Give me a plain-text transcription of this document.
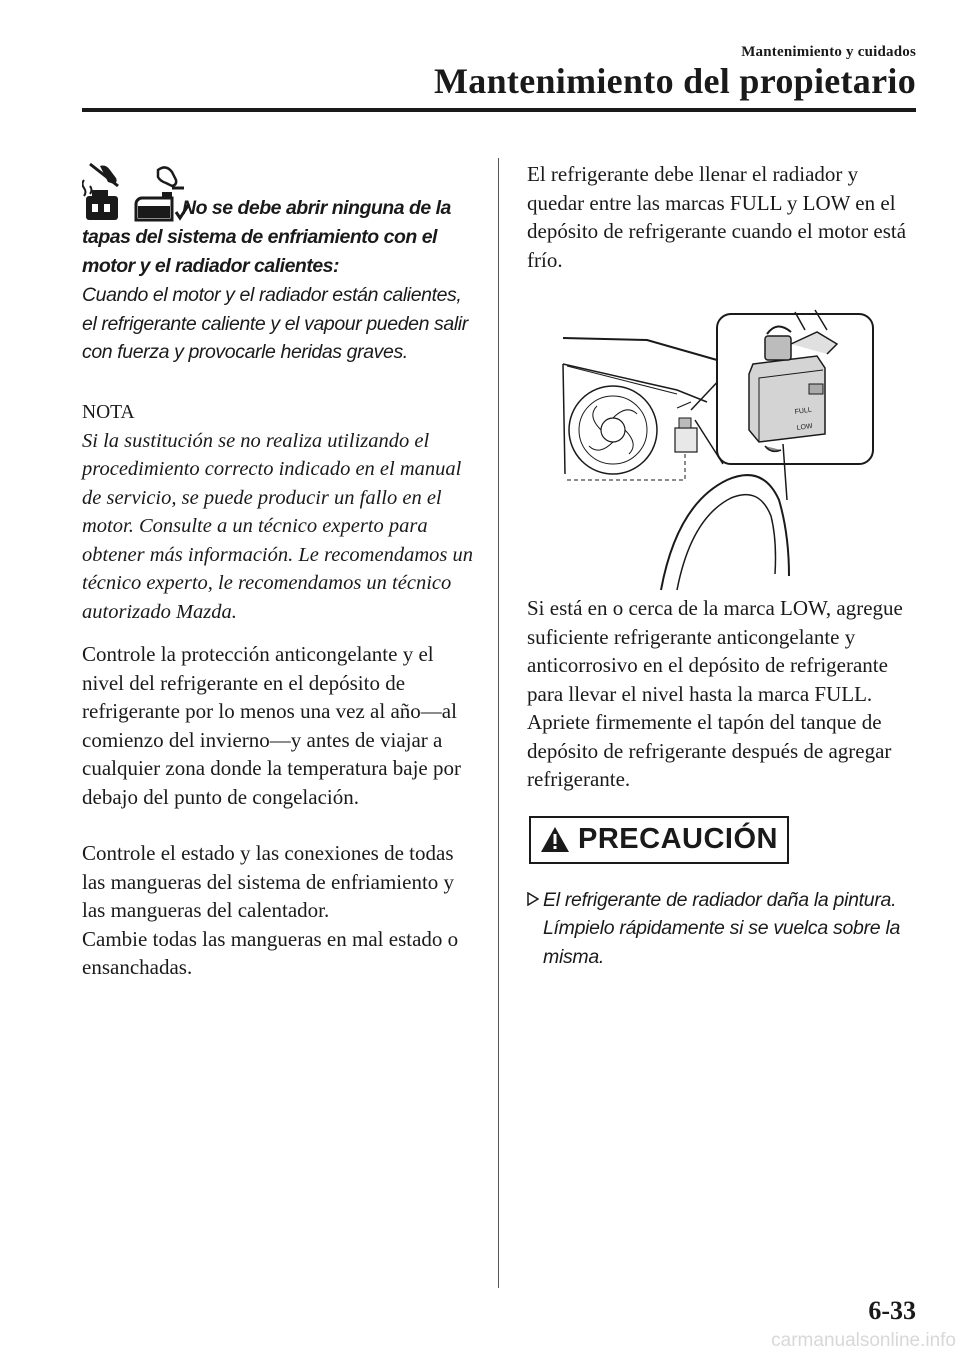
Mantenimiento y cuidados
Mantenimiento del propietario

No se debe abrir ninguna de la tapas del sistema de enfriamiento con el motor y el radiador calientes:
Cuando el motor y el radiador están calientes, el refrigerante caliente y el vapour pueden salir con fuerza y provocarle heridas graves.
NOTA
Si la sustitución se no realiza utilizando el procedimiento correcto indicado en el manual de servicio, se puede producir un fallo en el motor. Consulte a un técnico experto para obtener más información. Le recomendamos un técnico experto, le recomendamos un técnico autorizado Mazda.
Controle la protección anticongelante y el nivel del refrigerante en el depósito de refrigerante por lo menos una vez al año―al comienzo del invierno―y antes de viajar a cualquier zona donde la temperatura baje por debajo del punto de congelación.
Controle el estado y las conexiones de todas las mangueras del sistema de enfriamiento y las mangueras del calentador.
Cambie todas las mangueras en mal estado o ensanchadas.
El refrigerante debe llenar el radiador y quedar entre las marcas FULL y LOW en el depósito de refrigerante cuando el motor está frío.
FULL
LOW
Si está en o cerca de la marca LOW, agregue suficiente refrigerante anticongelante y anticorrosivo en el depósito de refrigerante para llevar el nivel hasta la marca FULL.
Apriete firmemente el tapón del tanque de depósito de refrigerante después de agregar refrigerante.
PRECAUCIÓN
El refrigerante de radiador daña la pintura.
Límpielo rápidamente si se vuelca sobre la misma.
6-33
carmanualsonline.info
